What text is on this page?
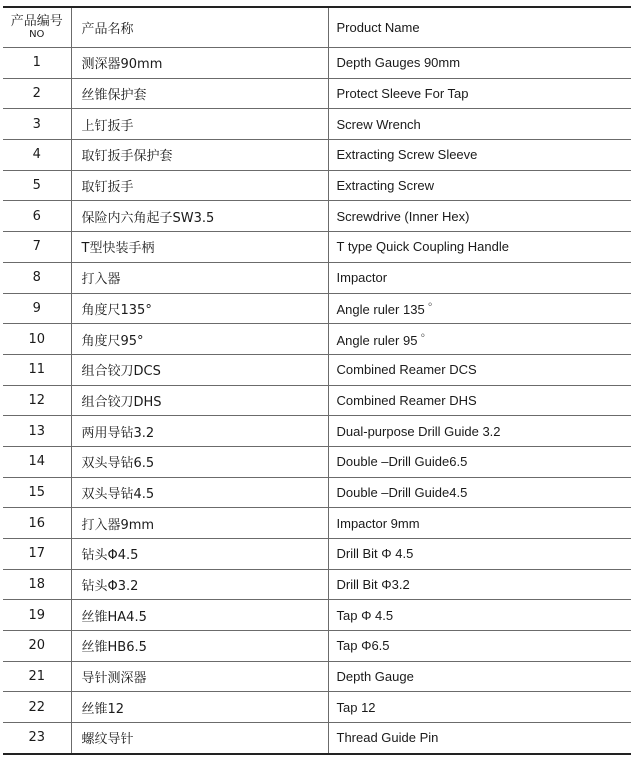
产品编号
NO	产品名称	Product Name
1	测深器90mm	Depth Gauges 90mm
2	丝锥保护套	Protect Sleeve For Tap
3	上钉扳手	Screw Wrench
4	取钉扳手保护套	Extracting Screw Sleeve
5	取钉扳手	Extracting Screw
6	保险内六角起子SW3.5	Screwdrive (Inner Hex)
7	T型快装手柄	T type Quick Coupling Handle
8	打入器	Impactor
9	角度尺135°	Angle ruler 135 ゜
10	角度尺95°	Angle ruler 95 ゜
11	组合铰刀DCS	Combined Reamer DCS
12	组合铰刀DHS	Combined Reamer DHS
13	两用导钻3.2	Dual-purpose Drill Guide 3.2
14	双头导钻6.5	Double –Drill Guide6.5
15	双头导钻4.5	Double –Drill Guide4.5
16	打入器9mm	Impactor 9mm
17	钻头Φ4.5	Drill Bit Φ 4.5
18	钻头Φ3.2	Drill Bit Φ3.2
19	丝锥HA4.5	Tap Φ 4.5
20	丝锥HB6.5	Tap Φ6.5
21	导针测深器	Depth Gauge
22	丝锥12	Tap 12
23	螺纹导针	Thread Guide Pin
